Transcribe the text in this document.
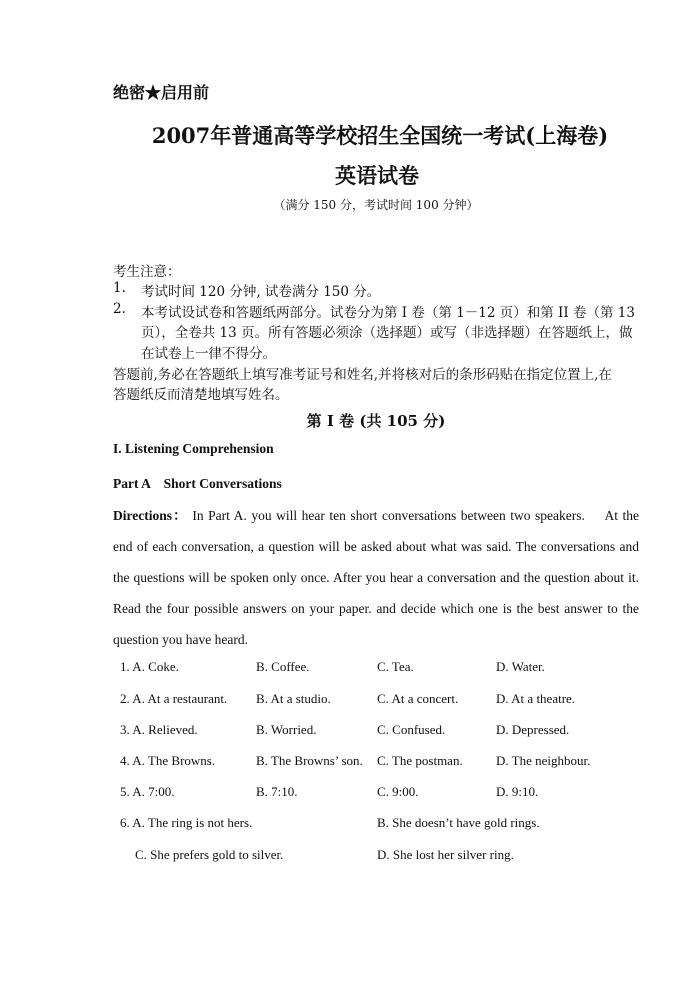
绝密★启用前
2007年普通高等学校招生全国统一考试(上海卷)
英语试卷
（满分 150 分，考试时间 100 分钟）
考生注意：
1. 考试时间 120 分钟, 试卷满分 150 分。
2. 本考试设试卷和答题纸两部分。试卷分为第 I 卷（第 1－12 页）和第 II 卷（第 13
页），全卷共 13 页。所有答题必须涂（选择题）或写（非选择题）在答题纸上，做
在试卷上一律不得分。
答题前,务必在答题纸上填写准考证号和姓名,并将核对后的条形码贴在指定位置上,在
答题纸反而清楚地填写姓名。
第 I 卷 (共 105 分)
I. Listening Comprehension
Part A　Short Conversations
Directions： In Part A. you will hear ten short conversations between two speakers.　 At the end of each conversation, a question will be asked about what was said. The conversations and the questions will be spoken only once. After you hear a conversation and the question about it. Read the four possible answers on your paper. and decide which one is the best answer to the question you have heard.
1. A. Coke.	B. Coffee.	C. Tea.	D. Water.
2. A. At a restaurant. B. At a studio.	C. At a concert.	D. At a theatre.
3. A. Relieved.	B. Worried.	C. Confused.	D. Depressed.
4. A. The Browns.	B. The Browns’ son. C. The postman.	D. The neighbour.
5. A. 7:00.	B. 7:10.	C. 9:00.	D. 9:10.
6. A. The ring is not hers.	B. She doesn’t have gold rings.
C. She prefers gold to silver.	D. She lost her silver ring.
